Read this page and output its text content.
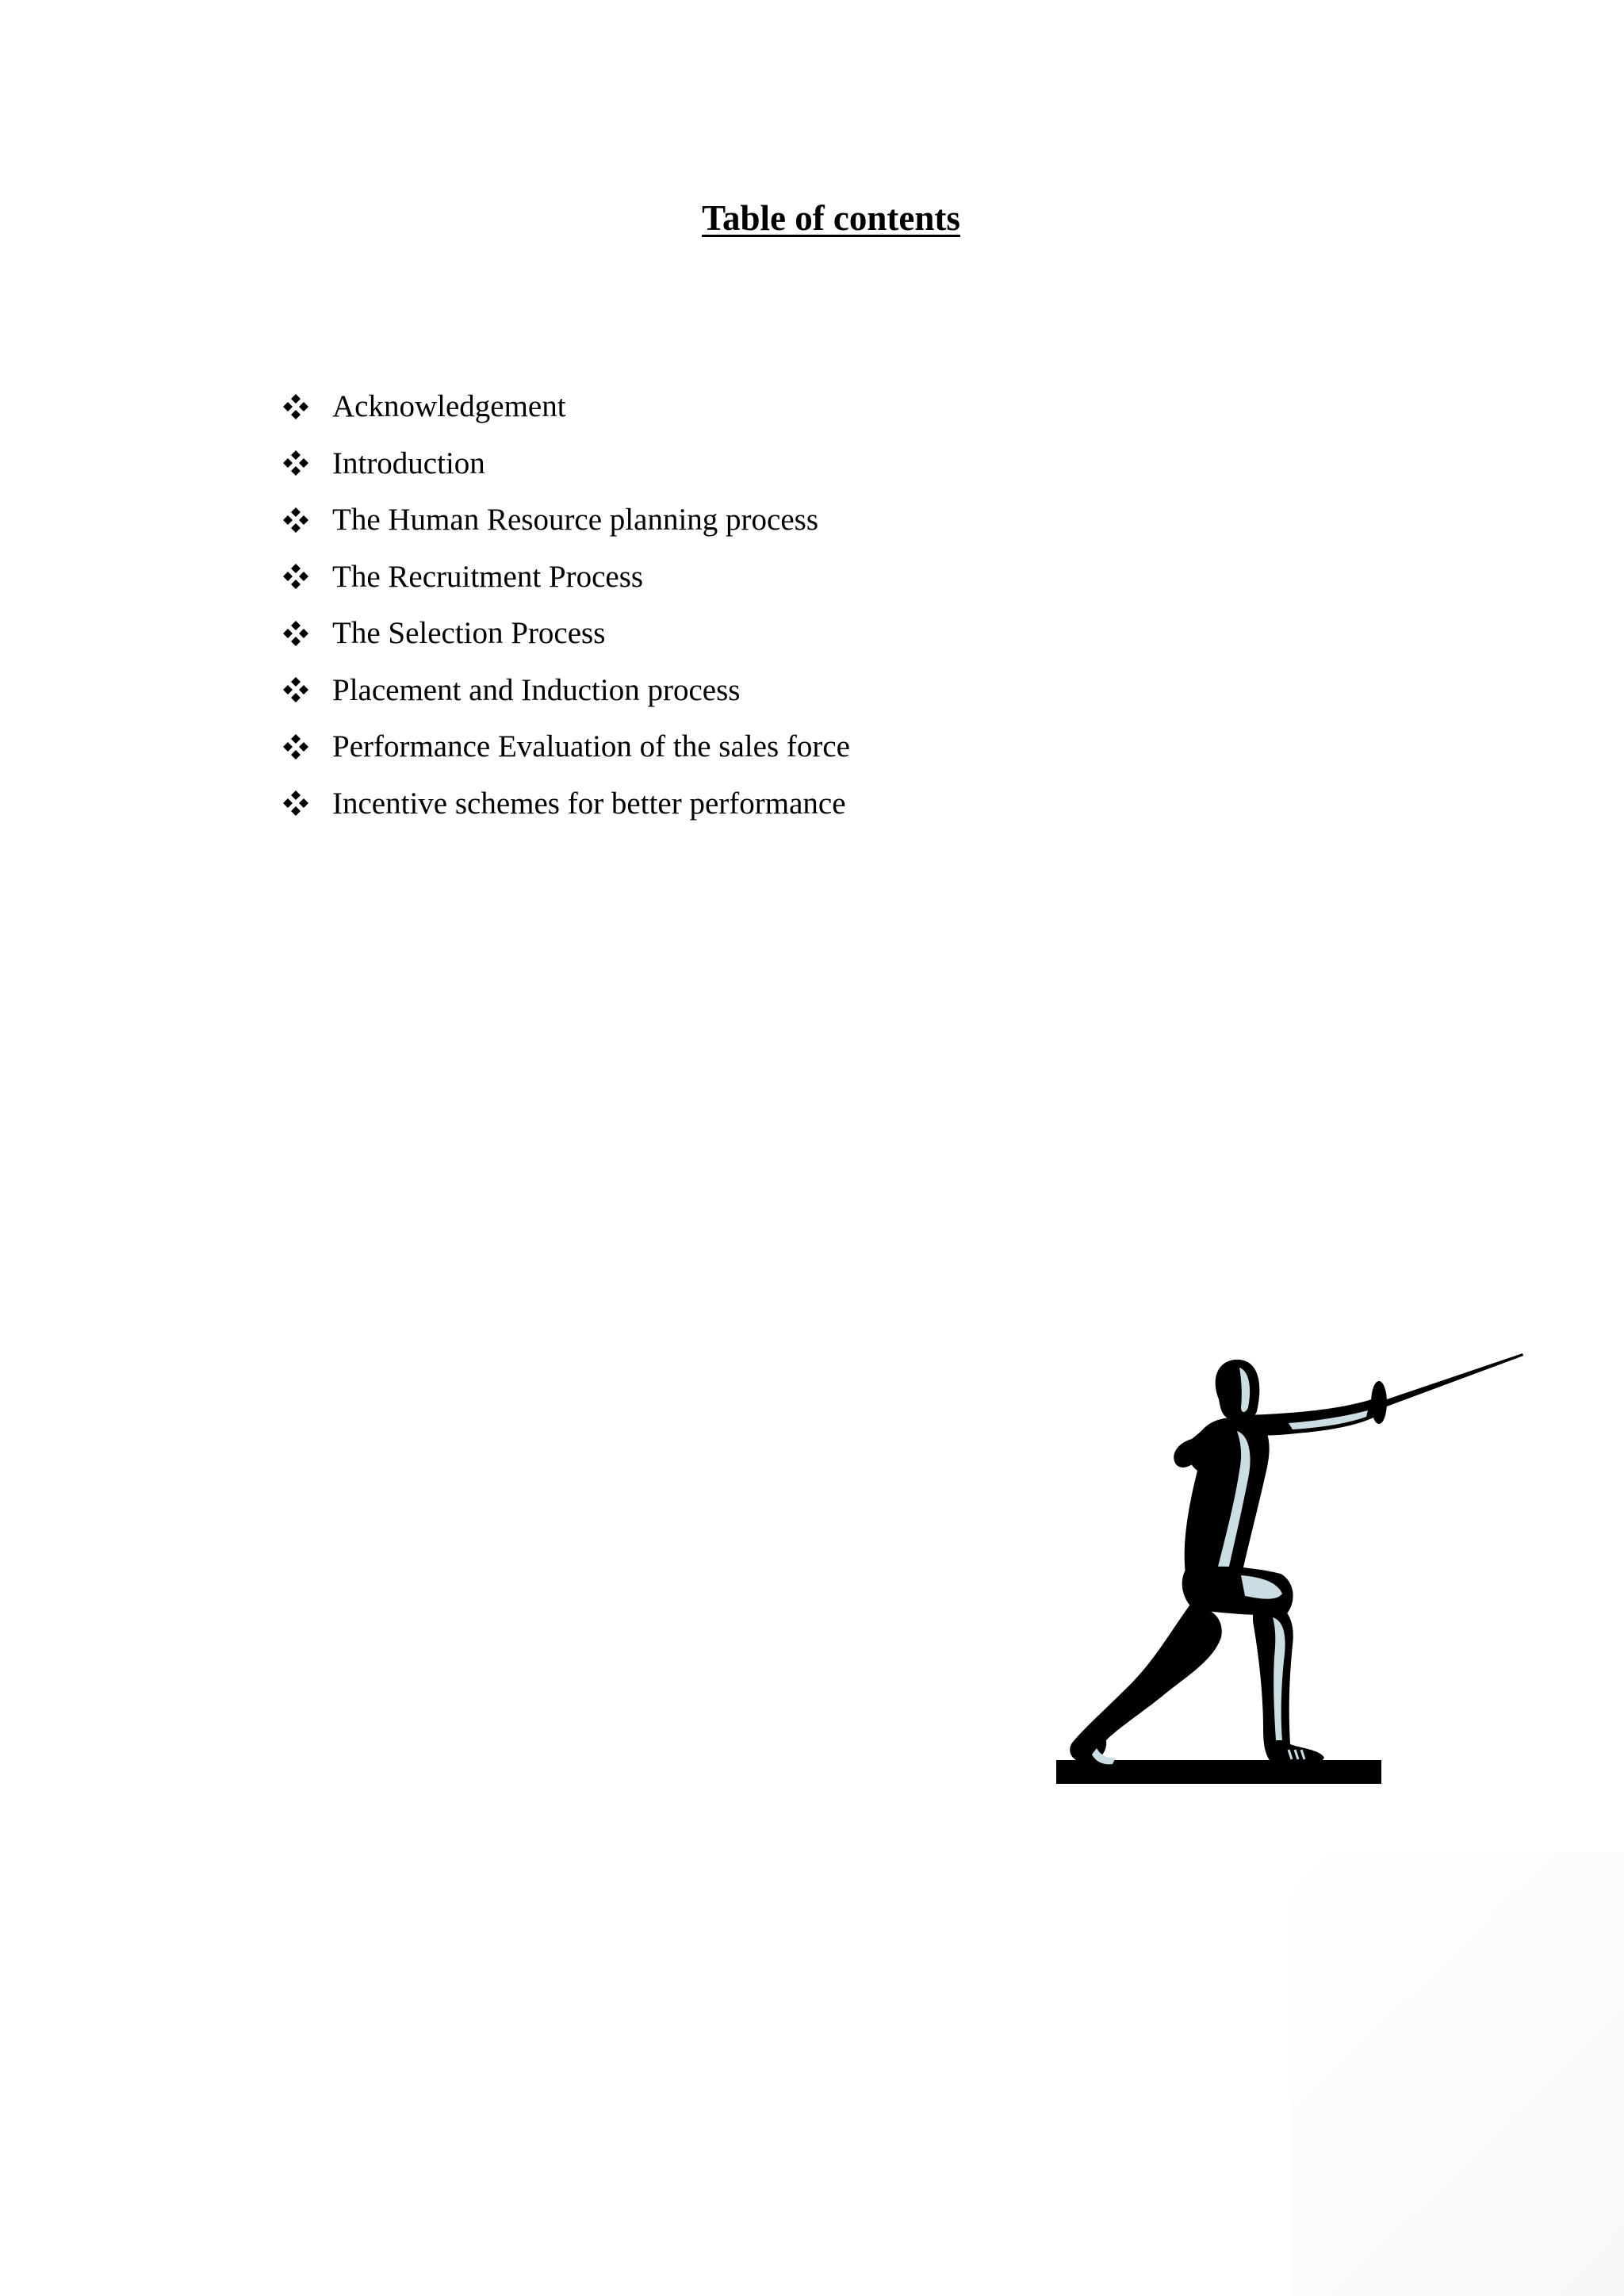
Table of contents
Acknowledgement
Introduction
The Human Resource planning process
The Recruitment Process
The Selection Process
Placement and Induction process
Performance Evaluation of the sales force
Incentive schemes for better performance
